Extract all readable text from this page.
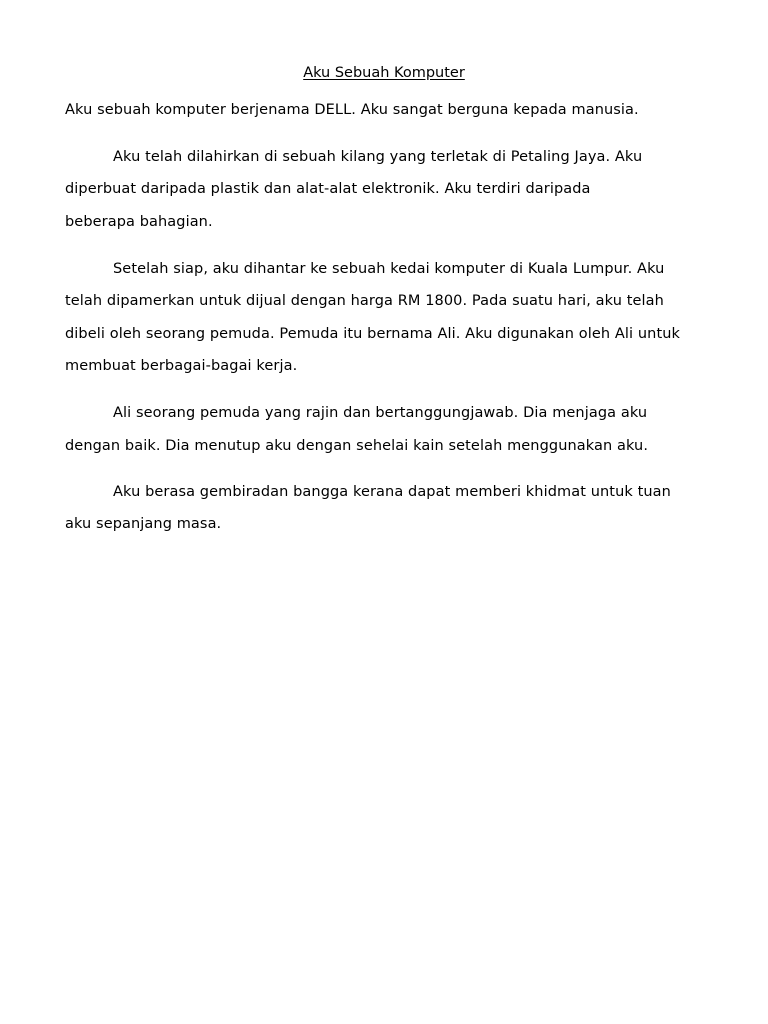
Aku Sebuah Komputer
Aku sebuah komputer berjenama DELL. Aku sangat berguna kepada manusia.
Aku telah dilahirkan di sebuah kilang yang terletak di Petaling Jaya. Aku
diperbuat daripada plastik dan alat-alat elektronik. Aku terdiri daripada
beberapa bahagian.
Setelah siap, aku dihantar ke sebuah kedai komputer di Kuala Lumpur. Aku
telah dipamerkan untuk dijual dengan harga RM 1800. Pada suatu hari, aku telah
dibeli oleh seorang pemuda. Pemuda itu bernama Ali. Aku digunakan oleh Ali untuk
membuat berbagai-bagai kerja.
Ali seorang pemuda yang rajin dan bertanggungjawab. Dia menjaga aku
dengan baik. Dia menutup aku dengan sehelai kain setelah menggunakan aku.
Aku berasa gembiradan bangga kerana dapat memberi khidmat untuk tuan
aku sepanjang masa.
